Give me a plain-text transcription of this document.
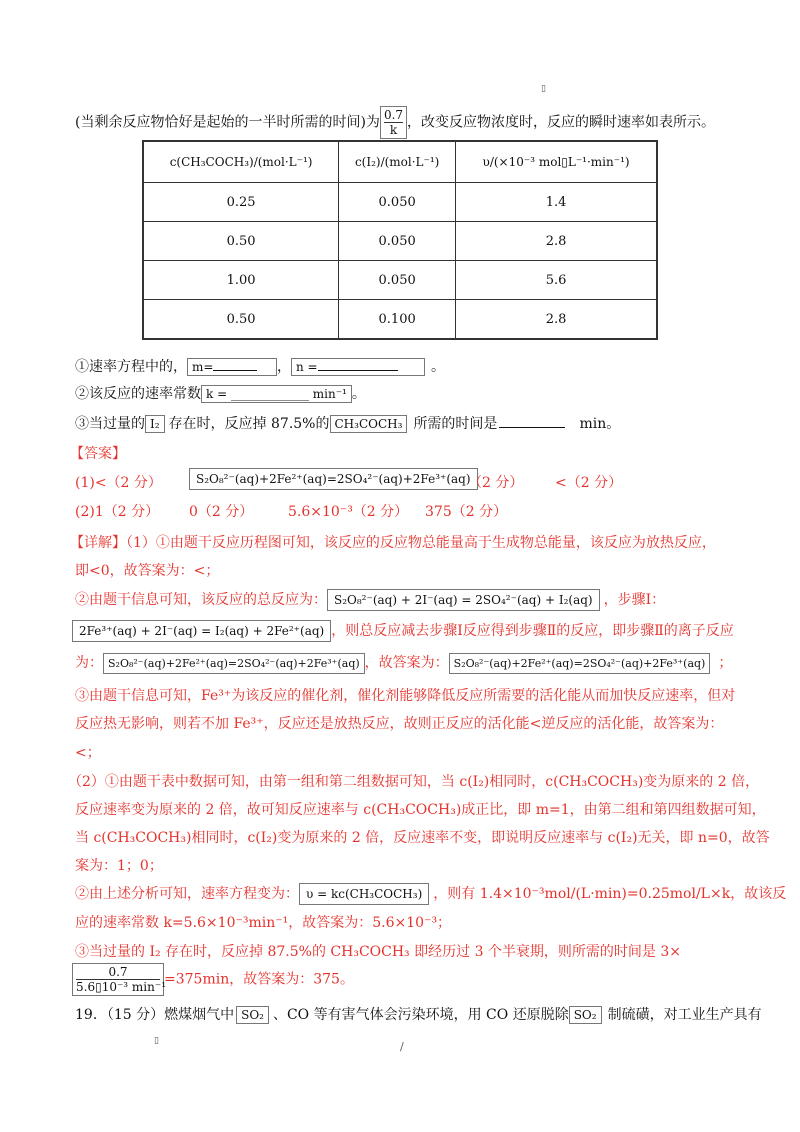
▯
(当剩余反应物恰好是起始的一半时所需的时间)为 $\frac{0.7}{k}$ ，改变反应物浓度时，反应的瞬时速率如表所示。
c(CH₃COCH₃)/(mol·L⁻¹)	c(I₂)/(mol·L⁻¹)	υ/(×10⁻³ mol▯L⁻¹·min⁻¹)
0.25	0.050	1.4
0.50	0.050	2.8
1.00	0.050	5.6
0.50	0.100	2.8
①速率方程中的， m=	， n =	。
②该反应的速率常数 k = _____________ min⁻¹ 。
③当过量的 I₂ 存在时，反应掉 87.5%的 CH₃COCH₃ 所需的时间是	min。
【答案】
(1)<（2 分）	S₂O₈²⁻(aq)+2Fe²⁺(aq)=2SO₄²⁻(aq)+2Fe³⁺(aq)
（2 分） <（2 分）
(2)1（2 分） 0（2 分） 5.6×10⁻³（2 分） 375（2 分）
【详解】（1）①由题干反应历程图可知，该反应的反应物总能量高于生成物总能量，该反应为放热反应，
即<0，故答案为：<；
②由题干信息可知，该反应的总反应为： S₂O₈²⁻(aq) + 2I⁻(aq) = 2SO₄²⁻(aq) + I₂(aq) ，步骤Ⅰ：
2Fe³⁺(aq) + 2I⁻(aq) = I₂(aq) + 2Fe²⁺(aq) ，则总反应减去步骤Ⅰ反应得到步骤Ⅱ的反应，即步骤Ⅱ的离子反应
为： S₂O₈²⁻(aq)+2Fe²⁺(aq)=2SO₄²⁻(aq)+2Fe³⁺(aq) ，故答案为： S₂O₈²⁻(aq)+2Fe²⁺(aq)=2SO₄²⁻(aq)+2Fe³⁺(aq) ；
③由题干信息可知，Fe³⁺为该反应的催化剂，催化剂能够降低反应所需要的活化能从而加快反应速率，但对
反应热无影响，则若不加 Fe³⁺，反应还是放热反应，故则正反应的活化能<逆反应的活化能，故答案为：
<；
（2）①由题干表中数据可知，由第一组和第二组数据可知，当 c(I₂)相同时，c(CH₃COCH₃)变为原来的 2 倍，
反应速率变为原来的 2 倍，故可知反应速率与 c(CH₃COCH₃)成正比，即 m=1，由第二组和第四组数据可知，
当 c(CH₃COCH₃)相同时，c(I₂)变为原来的 2 倍，反应速率不变，即说明反应速率与 c(I₂)无关，即 n=0，故答
案为：1；0；
②由上述分析可知，速率方程变为： υ = kc(CH₃COCH₃) ，则有 1.4×10⁻³mol/(L·min)=0.25mol/L×k，故该反
应的速率常数 k=5.6×10⁻³min⁻¹，故答案为：5.6×10⁻³；
③当过量的 I₂ 存在时，反应掉 87.5%的 CH₃COCH₃ 即经历过 3 个半衰期，则所需的时间是 3×
$\frac{0.7}{\text{5.6▯10⁻³ min⁻¹}} =375\min$，故答案为：375。
19．（15 分）燃煤烟气中 SO₂ 、CO 等有害气体会污染环境，用 CO 还原脱除 SO₂ 制硫磺，对工业生产具有
▯	/
